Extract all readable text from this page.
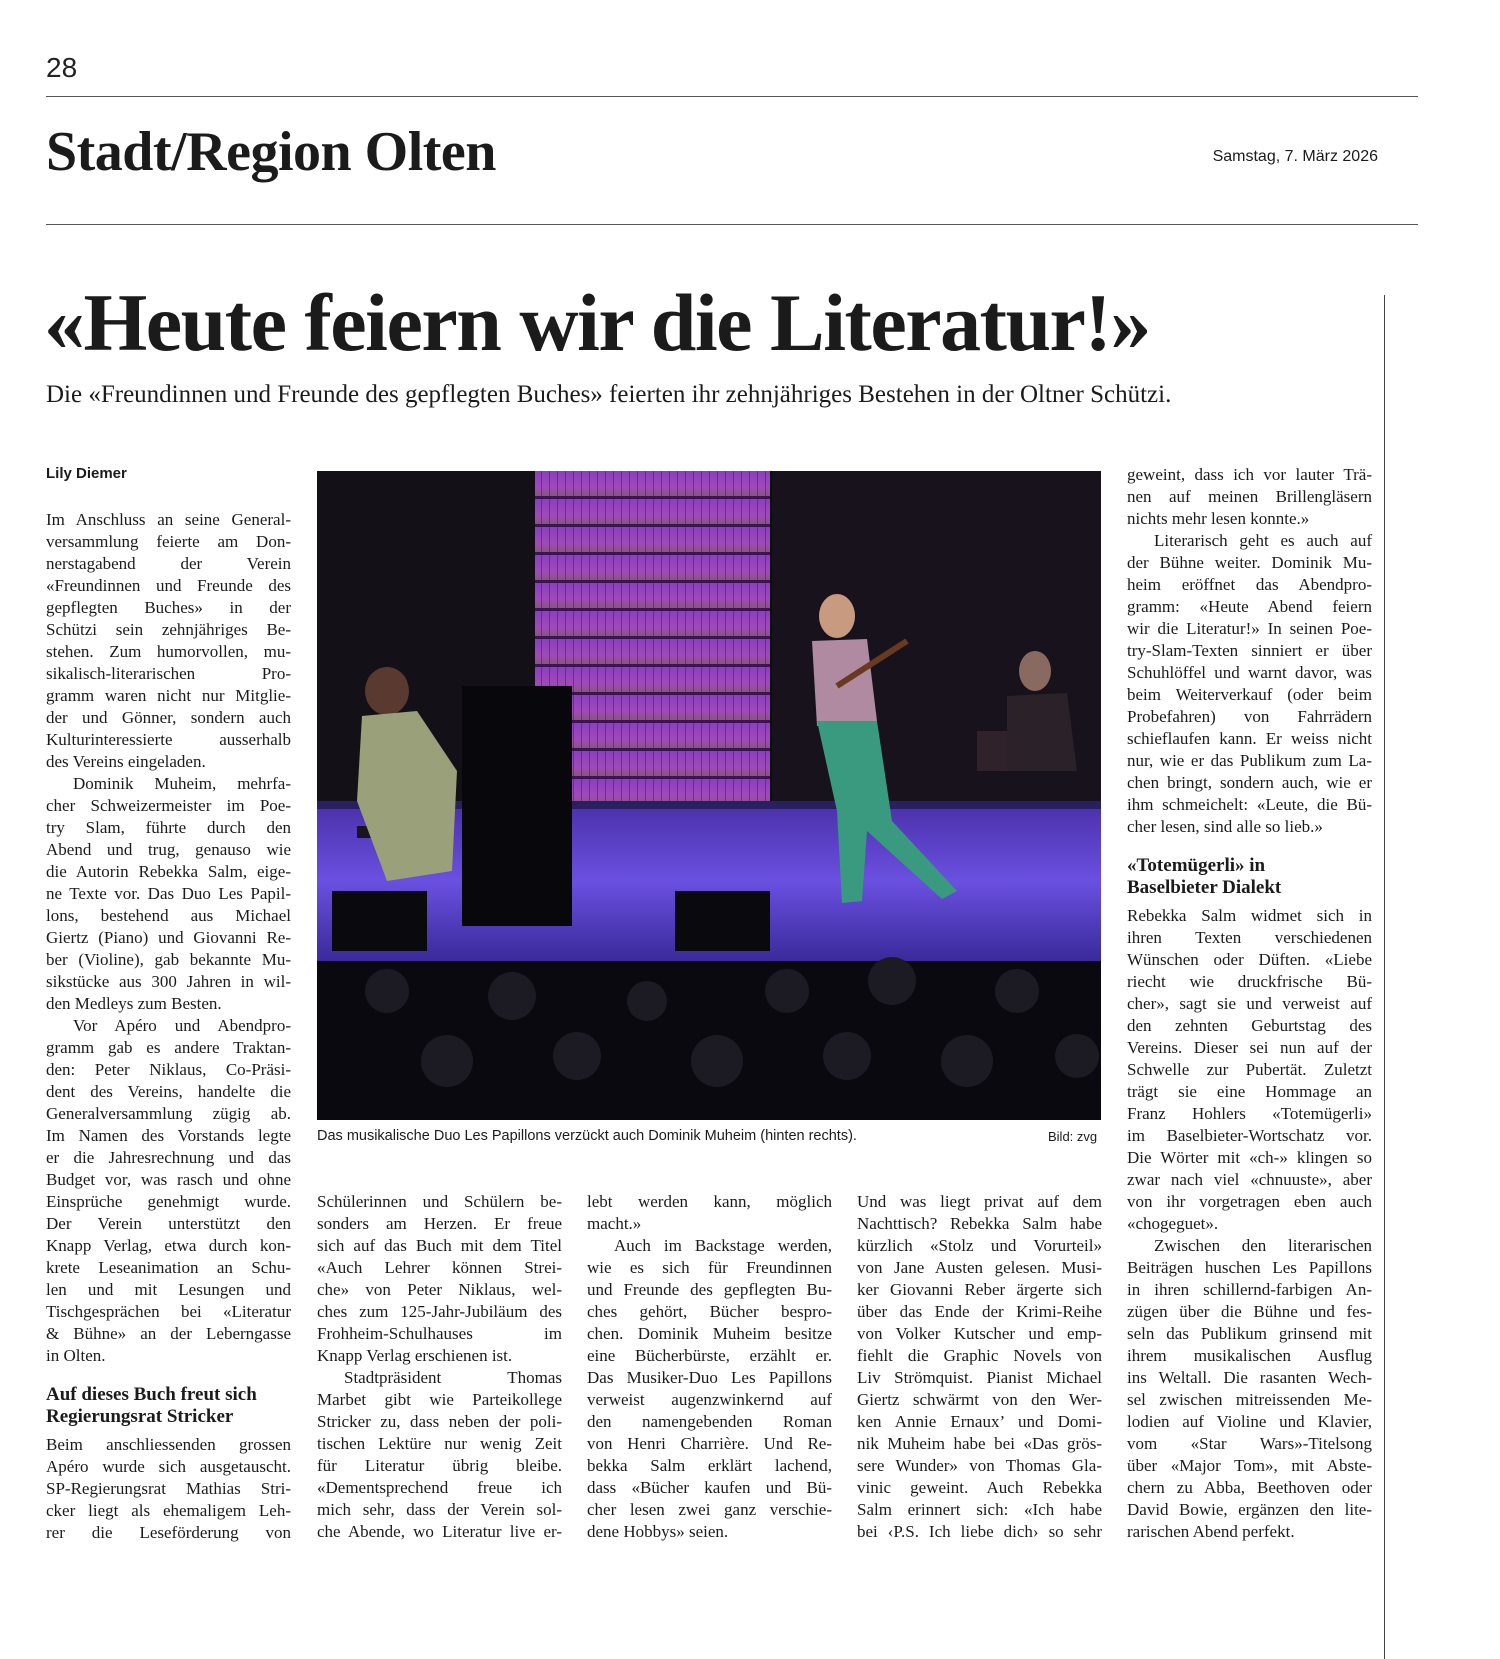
28
Stadt/Region Olten	Samstag, 7. März 2026
«Heute feiern wir die Literatur!»
Die «Freundinnen und Freunde des gepflegten Buches» feierten ihr zehnjähriges Bestehen in der Oltner Schützi.
Lily Diemer
Das musikalische Duo Les Papillons verzückt auch Dominik Muheim (hinten rechts).	Bild: zvg
Im Anschluss an seine General-
versammlung feierte am Don-
nerstagabend der Verein
«Freundinnen und Freunde des
gepflegten Buches» in der
Schützi sein zehnjähriges Be-
stehen. Zum humorvollen, mu-
sikalisch-literarischen Pro-
gramm waren nicht nur Mitglie-
der und Gönner, sondern auch
Kulturinteressierte ausserhalb
des Vereins eingeladen.
Dominik Muheim, mehrfa-
cher Schweizermeister im Poe-
try Slam, führte durch den
Abend und trug, genauso wie
die Autorin Rebekka Salm, eige-
ne Texte vor. Das Duo Les Papil-
lons, bestehend aus Michael
Giertz (Piano) und Giovanni Re-
ber (Violine), gab bekannte Mu-
sikstücke aus 300 Jahren in wil-
den Medleys zum Besten.
Vor Apéro und Abendpro-
gramm gab es andere Traktan-
den: Peter Niklaus, Co-Präsi-
dent des Vereins, handelte die
Generalversammlung zügig ab.
Im Namen des Vorstands legte
er die Jahresrechnung und das
Budget vor, was rasch und ohne
Einsprüche genehmigt wurde.
Der Verein unterstützt den
Knapp Verlag, etwa durch kon-
krete Leseanimation an Schu-
len und mit Lesungen und
Tischgesprächen bei «Literatur
& Bühne» an der Leberngasse
in Olten.
Auf dieses Buch freut sich
Regierungsrat Stricker
Beim anschliessenden grossen
Apéro wurde sich ausgetauscht.
SP-Regierungsrat Mathias Stri-
cker liegt als ehemaligem Leh-
rer die Leseförderung von
Schülerinnen und Schülern be-
sonders am Herzen. Er freue
sich auf das Buch mit dem Titel
«Auch Lehrer können Strei-
che» von Peter Niklaus, wel-
ches zum 125-Jahr-Jubiläum des
Frohheim-Schulhauses im
Knapp Verlag erschienen ist.
Stadtpräsident Thomas
Marbet gibt wie Parteikollege
Stricker zu, dass neben der poli-
tischen Lektüre nur wenig Zeit
für Literatur übrig bleibe.
«Dementsprechend freue ich
mich sehr, dass der Verein sol-
che Abende, wo Literatur live er-
lebt werden kann, möglich
macht.»
Auch im Backstage werden,
wie es sich für Freundinnen
und Freunde des gepflegten Bu-
ches gehört, Bücher bespro-
chen. Dominik Muheim besitze
eine Bücherbürste, erzählt er.
Das Musiker-Duo Les Papillons
verweist augenzwinkernd auf
den namengebenden Roman
von Henri Charrière. Und Re-
bekka Salm erklärt lachend,
dass «Bücher kaufen und Bü-
cher lesen zwei ganz verschie-
dene Hobbys» seien.
Und was liegt privat auf dem
Nachttisch? Rebekka Salm habe
kürzlich «Stolz und Vorurteil»
von Jane Austen gelesen. Musi-
ker Giovanni Reber ärgerte sich
über das Ende der Krimi-Reihe
von Volker Kutscher und emp-
fiehlt die Graphic Novels von
Liv Strömquist. Pianist Michael
Giertz schwärmt von den Wer-
ken Annie Ernaux’ und Domi-
nik Muheim habe bei «Das grös-
sere Wunder» von Thomas Gla-
vinic geweint. Auch Rebekka
Salm erinnert sich: «Ich habe
bei ‹P.S. Ich liebe dich› so sehr
geweint, dass ich vor lauter Trä-
nen auf meinen Brillengläsern
nichts mehr lesen konnte.»
Literarisch geht es auch auf
der Bühne weiter. Dominik Mu-
heim eröffnet das Abendpro-
gramm: «Heute Abend feiern
wir die Literatur!» In seinen Poe-
try-Slam-Texten sinniert er über
Schuhlöffel und warnt davor, was
beim Weiterverkauf (oder beim
Probefahren) von Fahrrädern
schieflaufen kann. Er weiss nicht
nur, wie er das Publikum zum La-
chen bringt, sondern auch, wie er
ihm schmeichelt: «Leute, die Bü-
cher lesen, sind alle so lieb.»
«Totemügerli» in
Baselbieter Dialekt
Rebekka Salm widmet sich in
ihren Texten verschiedenen
Wünschen oder Düften. «Liebe
riecht wie druckfrische Bü-
cher», sagt sie und verweist auf
den zehnten Geburtstag des
Vereins. Dieser sei nun auf der
Schwelle zur Pubertät. Zuletzt
trägt sie eine Hommage an
Franz Hohlers «Totemügerli»
im Baselbieter-Wortschatz vor.
Die Wörter mit «ch-» klingen so
zwar nach viel «chnuuste», aber
von ihr vorgetragen eben auch
«chogeguet».
Zwischen den literarischen
Beiträgen huschen Les Papillons
in ihren schillernd-farbigen An-
zügen über die Bühne und fes-
seln das Publikum grinsend mit
ihrem musikalischen Ausflug
ins Weltall. Die rasanten Wech-
sel zwischen mitreissenden Me-
lodien auf Violine und Klavier,
vom «Star Wars»-Titelsong
über «Major Tom», mit Abste-
chern zu Abba, Beethoven oder
David Bowie, ergänzen den lite-
rarischen Abend perfekt.
